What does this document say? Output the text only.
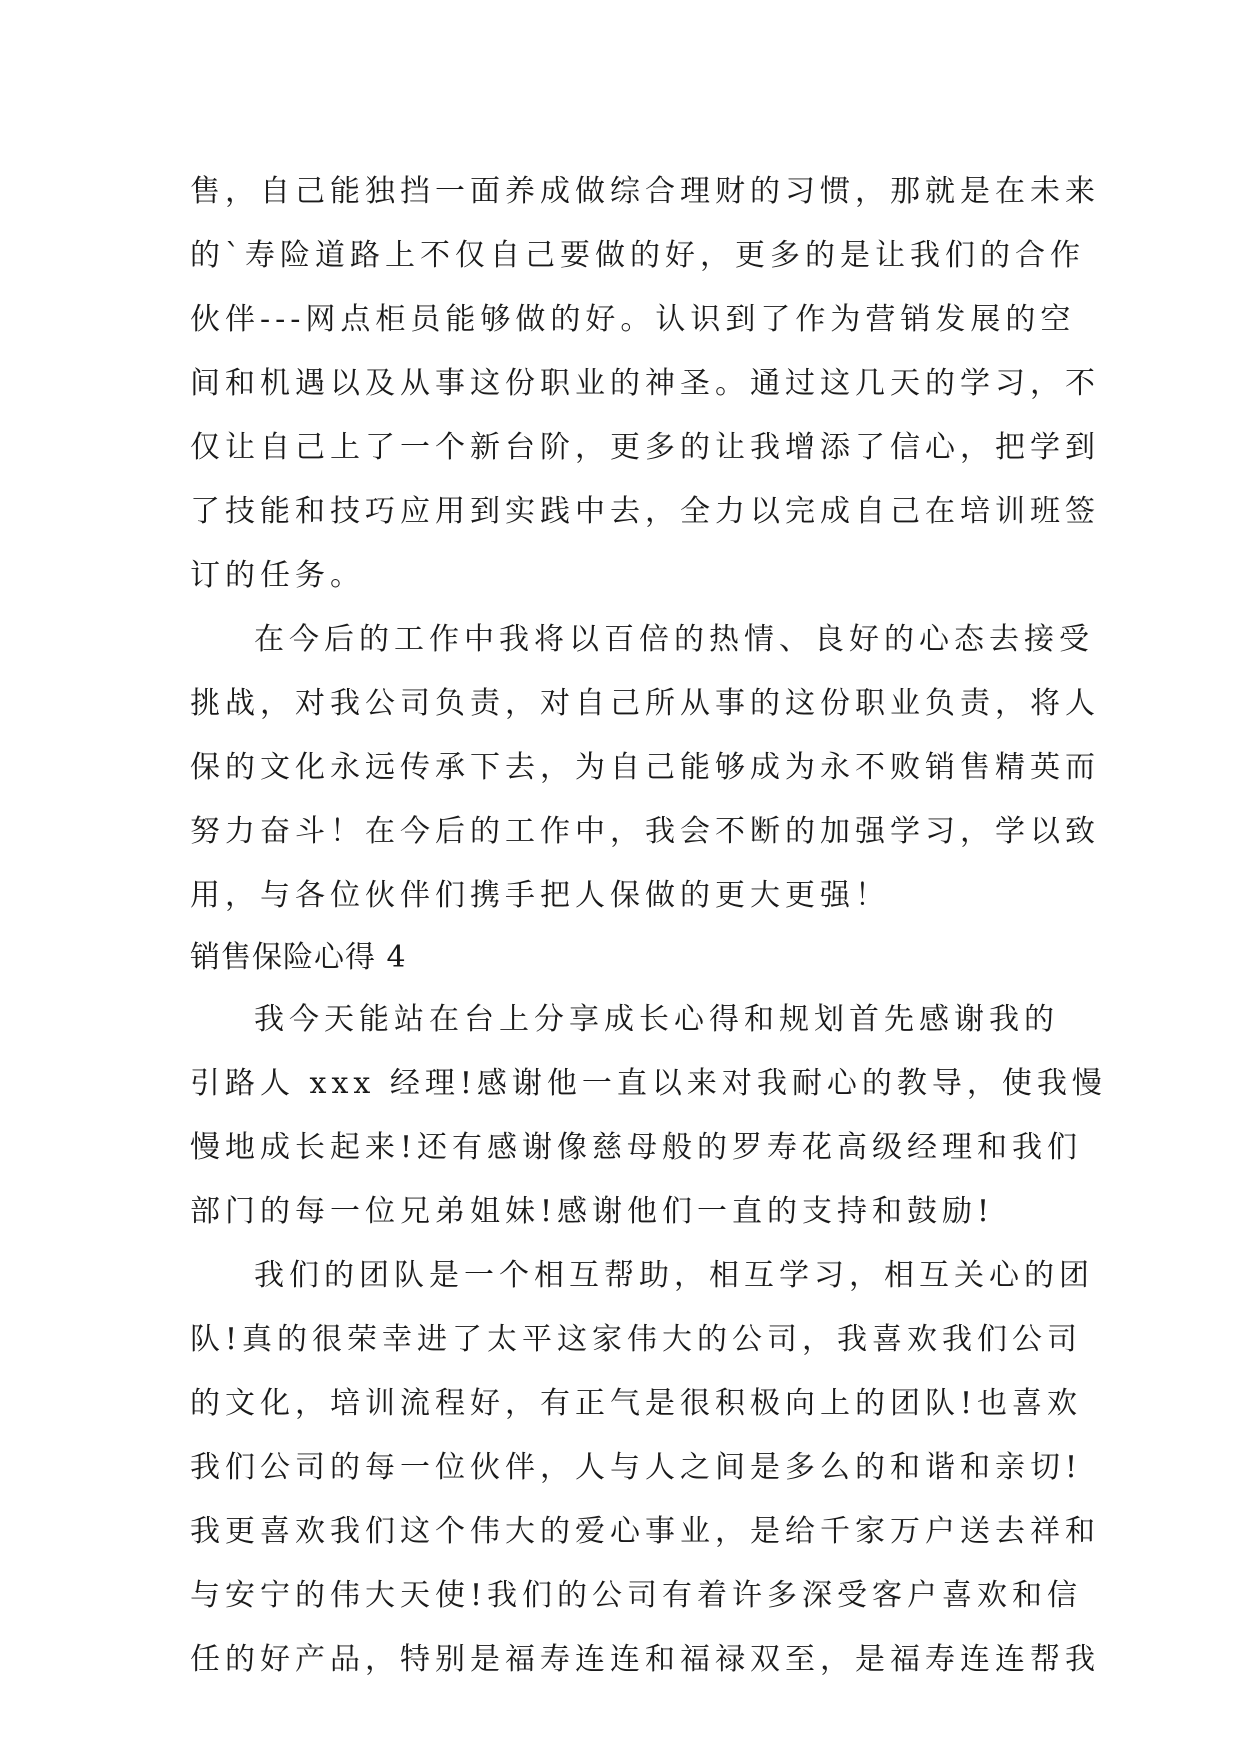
售，自己能独挡一面养成做综合理财的习惯，那就是在未来
的`寿险道路上不仅自己要做的好，更多的是让我们的合作
伙伴---网点柜员能够做的好。认识到了作为营销发展的空
间和机遇以及从事这份职业的神圣。通过这几天的学习，不
仅让自己上了一个新台阶，更多的让我增添了信心，把学到
了技能和技巧应用到实践中去，全力以完成自己在培训班签
订的任务。
在今后的工作中我将以百倍的热情、良好的心态去接受
挑战，对我公司负责，对自己所从事的这份职业负责，将人
保的文化永远传承下去，为自己能够成为永不败销售精英而
努力奋斗！在今后的工作中，我会不断的加强学习，学以致
用，与各位伙伴们携手把人保做的更大更强！
销售保险心得 4
我今天能站在台上分享成长心得和规划首先感谢我的
引路人 xxx 经理!感谢他一直以来对我耐心的教导，使我慢
慢地成长起来!还有感谢像慈母般的罗寿花高级经理和我们
部门的每一位兄弟姐妹!感谢他们一直的支持和鼓励!
我们的团队是一个相互帮助，相互学习，相互关心的团
队!真的很荣幸进了太平这家伟大的公司，我喜欢我们公司
的文化，培训流程好，有正气是很积极向上的团队!也喜欢
我们公司的每一位伙伴，人与人之间是多么的和谐和亲切!
我更喜欢我们这个伟大的爱心事业，是给千家万户送去祥和
与安宁的伟大天使!我们的公司有着许多深受客户喜欢和信
任的好产品，特别是福寿连连和福禄双至，是福寿连连帮我
